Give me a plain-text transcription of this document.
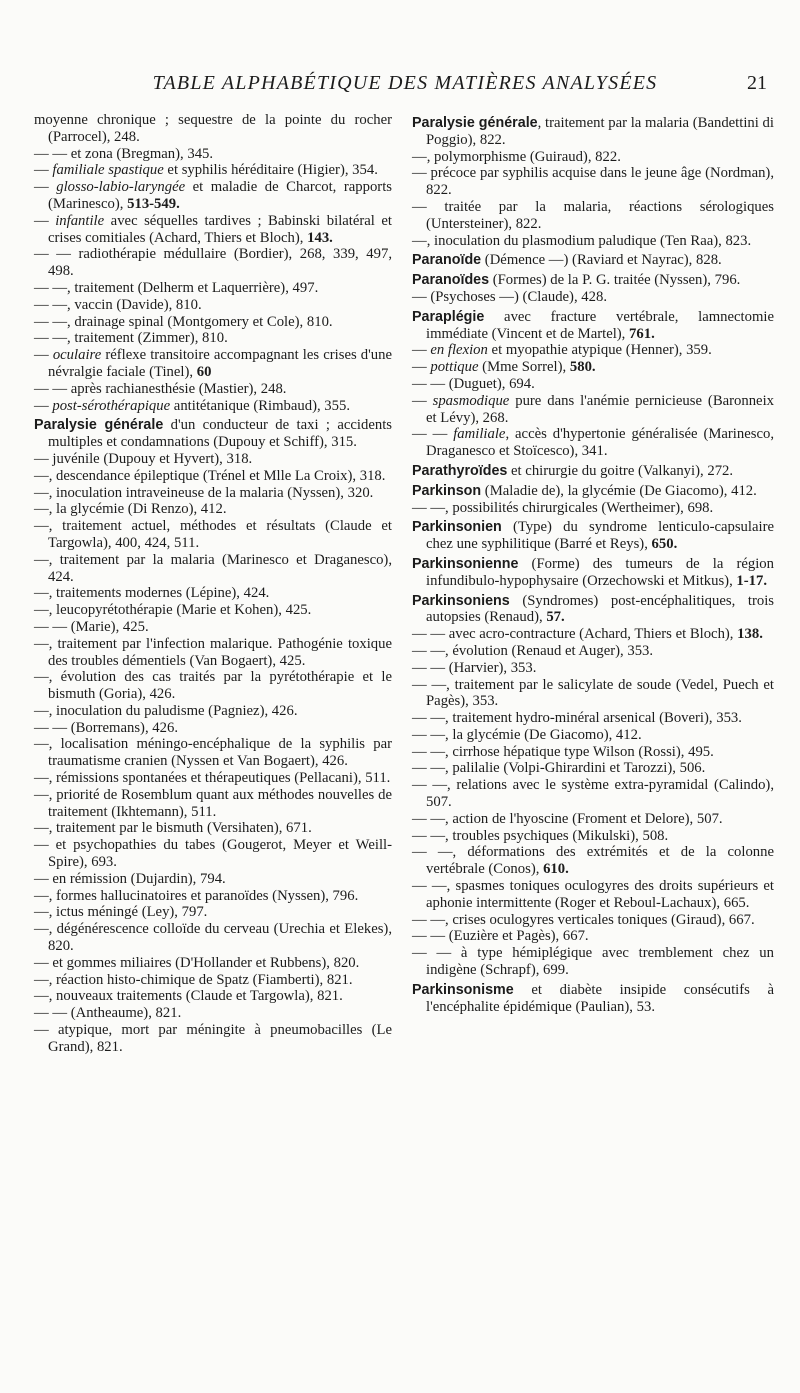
TABLE ALPHABÉTIQUE DES MATIÈRES ANALYSÉES	21
moyenne chronique ; sequestre de la pointe du rocher (Parrocel), 248.
— — et zona (Bregman), 345.
— familiale spastique et syphilis héréditaire (Higier), 354.
— glosso-labio-laryngée et maladie de Charcot, rapports (Marinesco), 513-549.
— infantile avec séquelles tardives ; Babinski bilatéral et crises comitiales (Achard, Thiers et Bloch), 143.
— — radiothérapie médullaire (Bordier), 268, 339, 497, 498.
— —, traitement (Delherm et Laquerrière), 497.
— —, vaccin (Davide), 810.
— —, drainage spinal (Montgomery et Cole), 810.
— —, traitement (Zimmer), 810.
— oculaire réflexe transitoire accompagnant les crises d'une névralgie faciale (Tinel), 60
— — après rachianesthésie (Mastier), 248.
— post-sérothérapique antitétanique (Rimbaud), 355.
Paralysie générale d'un conducteur de taxi ; accidents multiples et condamnations (Dupouy et Schiff), 315.
— juvénile (Dupouy et Hyvert), 318.
—, descendance épileptique (Trénel et Mlle La Croix), 318.
—, inoculation intraveineuse de la malaria (Nyssen), 320.
—, la glycémie (Di Renzo), 412.
—, traitement actuel, méthodes et résultats (Claude et Targowla), 400, 424, 511.
—, traitement par la malaria (Marinesco et Draganesco), 424.
—, traitements modernes (Lépine), 424.
—, leucopyrétothérapie (Marie et Kohen), 425.
— — (Marie), 425.
—, traitement par l'infection malarique. Pathogénie toxique des troubles démentiels (Van Bogaert), 425.
—, évolution des cas traités par la pyrétothérapie et le bismuth (Goria), 426.
—, inoculation du paludisme (Pagniez), 426.
— — (Borremans), 426.
—, localisation méningo-encéphalique de la syphilis par traumatisme cranien (Nyssen et Van Bogaert), 426.
—, rémissions spontanées et thérapeutiques (Pellacani), 511.
—, priorité de Rosemblum quant aux méthodes nouvelles de traitement (Ikhtemann), 511.
—, traitement par le bismuth (Versihaten), 671.
— et psychopathies du tabes (Gougerot, Meyer et Weill-Spire), 693.
— en rémission (Dujardin), 794.
—, formes hallucinatoires et paranoïdes (Nyssen), 796.
—, ictus méningé (Ley), 797.
—, dégénérescence colloïde du cerveau (Urechia et Elekes), 820.
— et gommes miliaires (D'Hollander et Rubbens), 820.
—, réaction histo-chimique de Spatz (Fiamberti), 821.
—, nouveaux traitements (Claude et Targowla), 821.
— — (Antheaume), 821.
— atypique, mort par méningite à pneumobacilles (Le Grand), 821.
Paralysie générale, traitement par la malaria (Bandettini di Poggio), 822.
—, polymorphisme (Guiraud), 822.
— précoce par syphilis acquise dans le jeune âge (Nordman), 822.
— traitée par la malaria, réactions sérologiques (Untersteiner), 822.
—, inoculation du plasmodium paludique (Ten Raa), 823.
Paranoïde (Démence —) (Raviard et Nayrac), 828.
Paranoïdes (Formes) de la P. G. traitée (Nyssen), 796.
— (Psychoses —) (Claude), 428.
Paraplégie avec fracture vertébrale, lamnectomie immédiate (Vincent et de Martel), 761.
— en flexion et myopathie atypique (Henner), 359.
— pottique (Mme Sorrel), 580.
— — (Duguet), 694.
— spasmodique pure dans l'anémie pernicieuse (Baronneix et Lévy), 268.
— — familiale, accès d'hypertonie généralisée (Marinesco, Draganesco et Stoïcesco), 341.
Parathyroïdes et chirurgie du goitre (Valkanyi), 272.
Parkinson (Maladie de), la glycémie (De Giacomo), 412.
— —, possibilités chirurgicales (Wertheimer), 698.
Parkinsonien (Type) du syndrome lenticulo-capsulaire chez une syphilitique (Barré et Reys), 650.
Parkinsonienne (Forme) des tumeurs de la région infundibulo-hypophysaire (Orzechowski et Mitkus), 1-17.
Parkinsoniens (Syndromes) post-encéphalitiques, trois autopsies (Renaud), 57.
— — avec acro-contracture (Achard, Thiers et Bloch), 138.
— —, évolution (Renaud et Auger), 353.
— — (Harvier), 353.
— —, traitement par le salicylate de soude (Vedel, Puech et Pagès), 353.
— —, traitement hydro-minéral arsenical (Boveri), 353.
— —, la glycémie (De Giacomo), 412.
— —, cirrhose hépatique type Wilson (Rossi), 495.
— —, palilalie (Volpi-Ghirardini et Tarozzi), 506.
— —, relations avec le système extra-pyramidal (Calindo), 507.
— —, action de l'hyoscine (Froment et Delore), 507.
— —, troubles psychiques (Mikulski), 508.
— —, déformations des extrémités et de la colonne vertébrale (Conos), 610.
— —, spasmes toniques oculogyres des droits supérieurs et aphonie intermittente (Roger et Reboul-Lachaux), 665.
— —, crises oculogyres verticales toniques (Giraud), 667.
— — (Euzière et Pagès), 667.
— — à type hémiplégique avec tremblement chez un indigène (Schrapf), 699.
Parkinsonisme et diabète insipide consécutifs à l'encéphalite épidémique (Paulian), 53.
